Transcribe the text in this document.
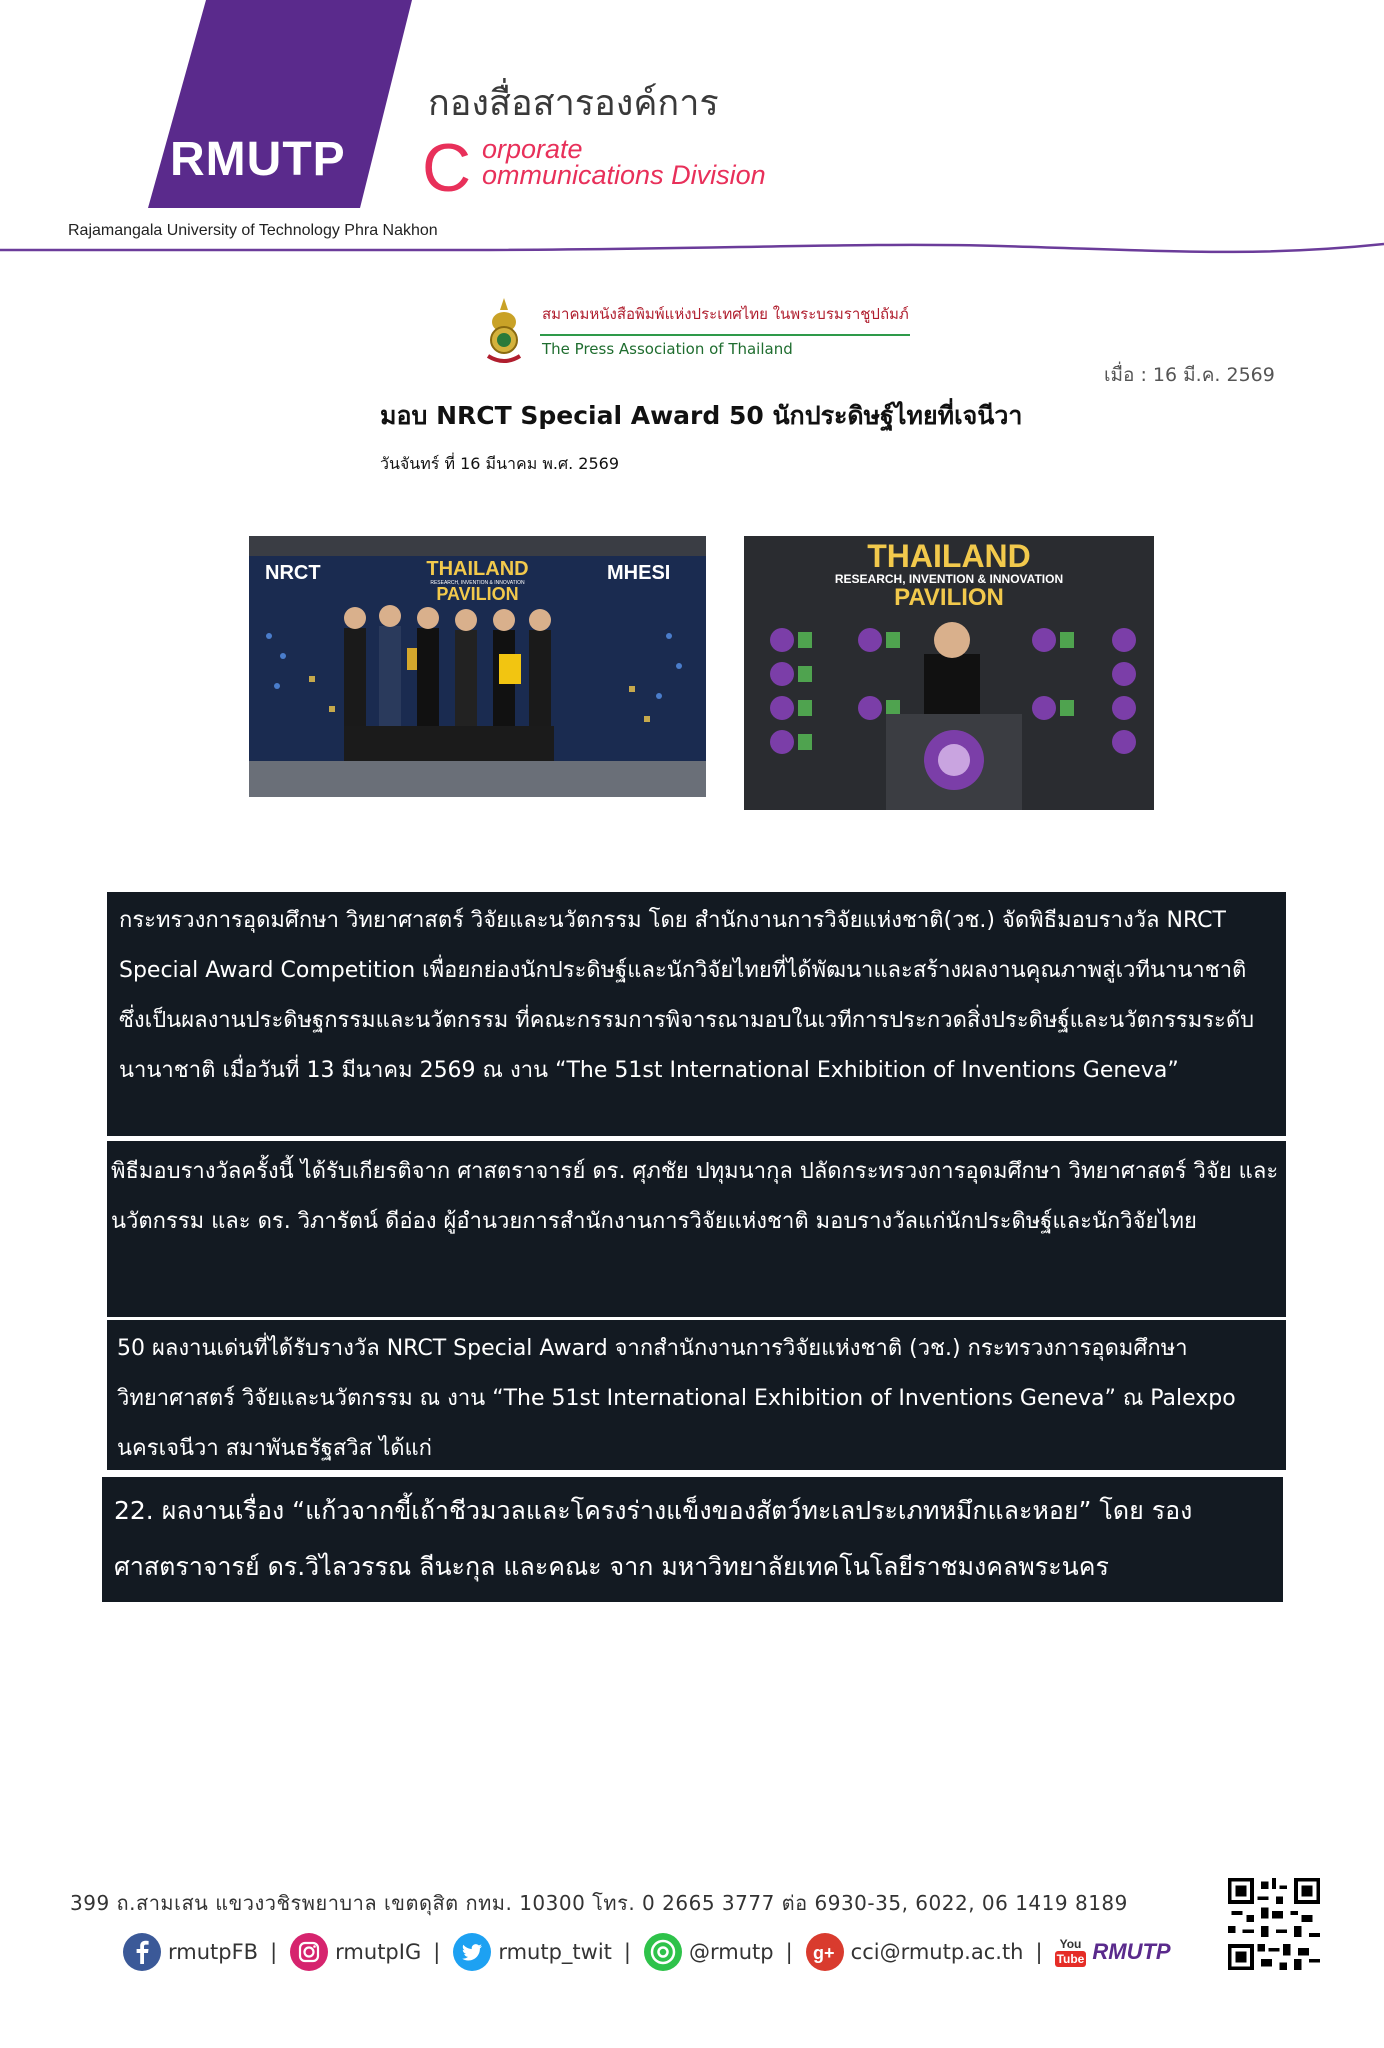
RMUTP
Rajamangala University of Technology Phra Nakhon
กองสื่อสารองค์การ
C orporate
ommunications Division
สมาคมหนังสือพิมพ์แห่งประเทศไทย ในพระบรมราชูปถัมภ์
The Press Association of Thailand
เมื่อ : 16 มี.ค. 2569
มอบ NRCT Special Award 50 นักประดิษฐ์ไทยที่เจนีวา
วันจันทร์ ที่ 16 มีนาคม พ.ศ. 2569
NRCT	THAILAND
RESEARCH, INVENTION & INNOVATION
PAVILION
MHESI	THAILAND
RESEARCH, INVENTION & INNOVATION
PAVILION

กระทรวงการอุดมศึกษา วิทยาศาสตร์ วิจัยและนวัตกรรม โดย สำนักงานการวิจัยแห่งชาติ(วช.) จัดพิธีมอบรางวัล NRCT Special Award Competition เพื่อยกย่องนักประดิษฐ์และนักวิจัยไทยที่ได้พัฒนาและสร้างผลงานคุณภาพสู่เวทีนานาชาติ ซึ่งเป็นผลงานประดิษฐกรรมและนวัตกรรม ที่คณะกรรมการพิจารณามอบในเวทีการประกวดสิ่งประดิษฐ์และนวัตกรรมระดับนานาชาติ เมื่อวันที่ 13 มีนาคม 2569 ณ งาน “The 51st International Exhibition of Inventions Geneva”

พิธีมอบรางวัลครั้งนี้ ได้รับเกียรติจาก ศาสตราจารย์ ดร. ศุภชัย ปทุมนากุล ปลัดกระทรวงการอุดมศึกษา วิทยาศาสตร์ วิจัย และนวัตกรรม และ ดร. วิภารัตน์ ดีอ่อง ผู้อำนวยการสำนักงานการวิจัยแห่งชาติ มอบรางวัลแก่นักประดิษฐ์และนักวิจัยไทย

50 ผลงานเด่นที่ได้รับรางวัล NRCT Special Award จากสำนักงานการวิจัยแห่งชาติ (วช.) กระทรวงการอุดมศึกษา วิทยาศาสตร์ วิจัยและนวัตกรรม ณ งาน “The 51st International Exhibition of Inventions Geneva” ณ Palexpo นครเจนีวา สมาพันธรัฐสวิส ได้แก่

22. ผลงานเรื่อง “แก้วจากขี้เถ้าชีวมวลและโครงร่างแข็งของสัตว์ทะเลประเภทหมึกและหอย” โดย รองศาสตราจารย์ ดร.วิไลวรรณ ลีนะกุล และคณะ จาก มหาวิทยาลัยเทคโนโลยีราชมงคลพระนคร

399 ถ.สามเสน แขวงวชิรพยาบาล เขตดุสิต กทม. 10300 โทร. 0 2665 3777 ต่อ 6930-35, 6022, 06 1419 8189
rmutpFB |	rmutpIG |	rmutp_twit |	@rmutp | g+ cci@rmutp.ac.th | You
Tube RMUTP
